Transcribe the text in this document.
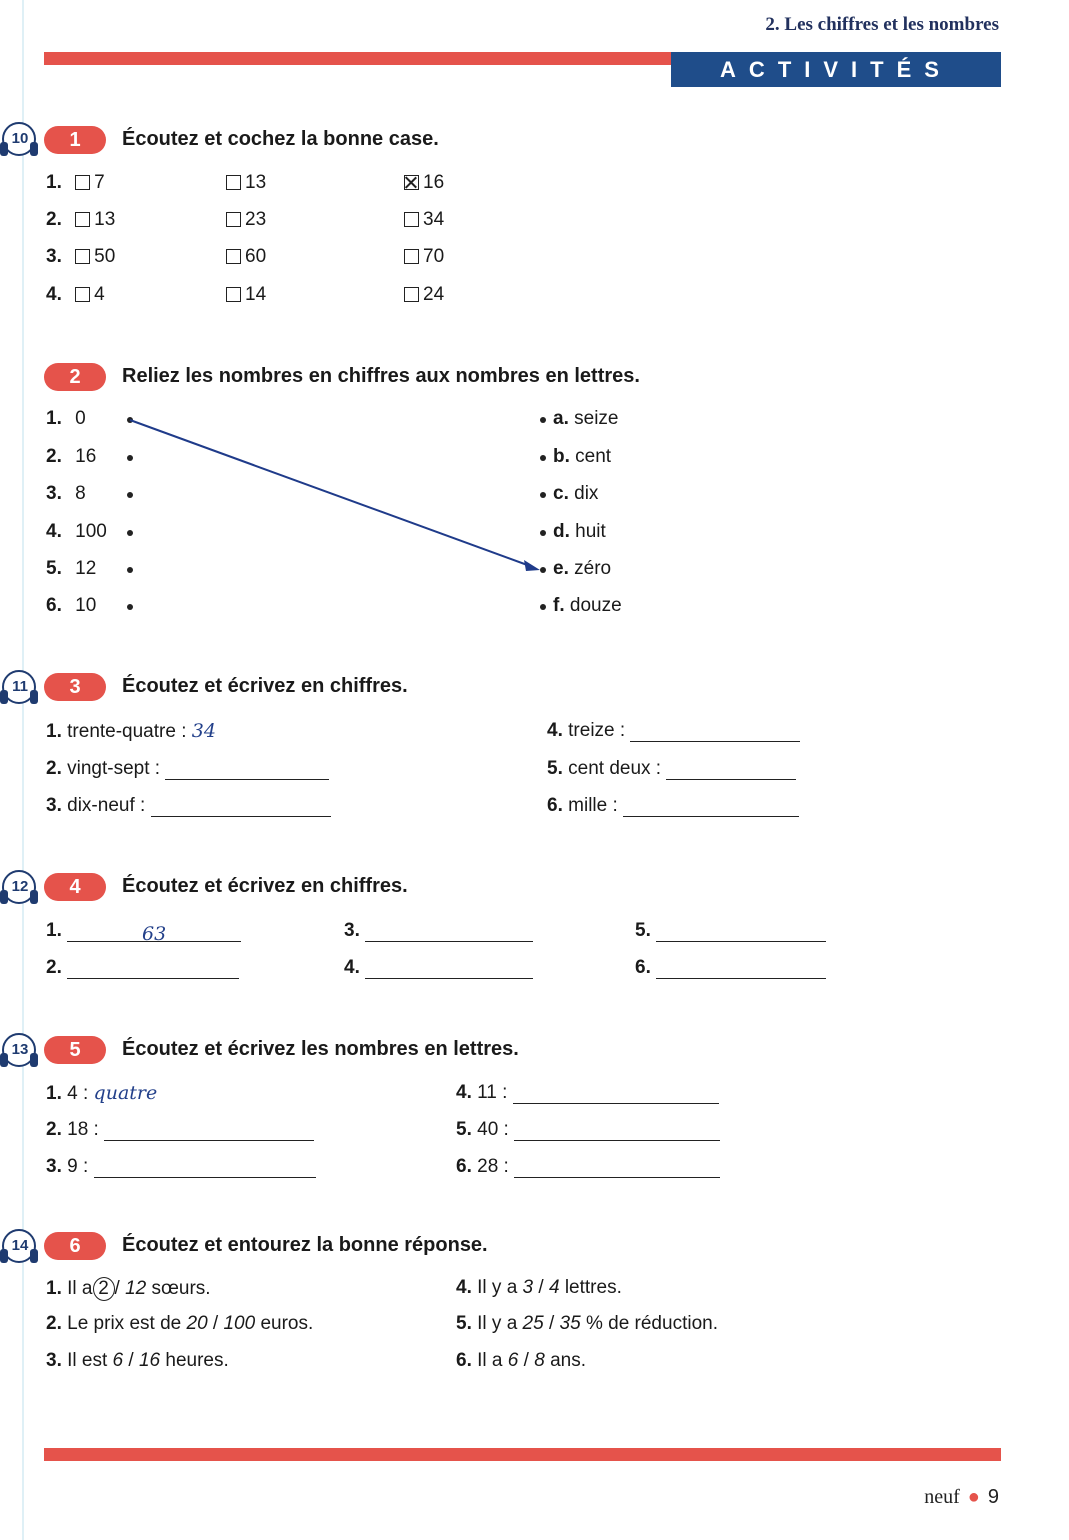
2. Les chiffres et les nombres
ACTIVITÉS
10	1	Écoutez et cochez la bonne case.
1. 7	13	16
2. 13	23	34
3. 50	60	70
4. 4	14	24
2	Reliez les nombres en chiffres aux nombres en lettres.
1. 0
2. 16
3. 8
4. 100
5. 12
6. 10
a. seize
b. cent
c. dix
d. huit
e. zéro
f. douze
11	3	Écoutez et écrivez en chiffres.
1. trente-quatre : 34
2. vingt-sept :
3. dix-neuf :
4. treize :
5. cent deux :
6. mille :
12	4	Écoutez et écrivez en chiffres.
1.	63
2.
3.
4.
5.
6.
13	5	Écoutez et écrivez les nombres en lettres.
1. 4 : quatre
2. 18 :
3. 9 :
4. 11 :
5. 40 :
6. 28 :
14	6	Écoutez et entourez la bonne réponse.
1. Il a 2 / 12 sœurs.
2. Le prix est de 20 / 100 euros.
3. Il est 6 / 16 heures.
4. Il y a 3 / 4 lettres.
5. Il y a 25 / 35 % de réduction.
6. Il a 6 / 8 ans.
neuf ● 9
